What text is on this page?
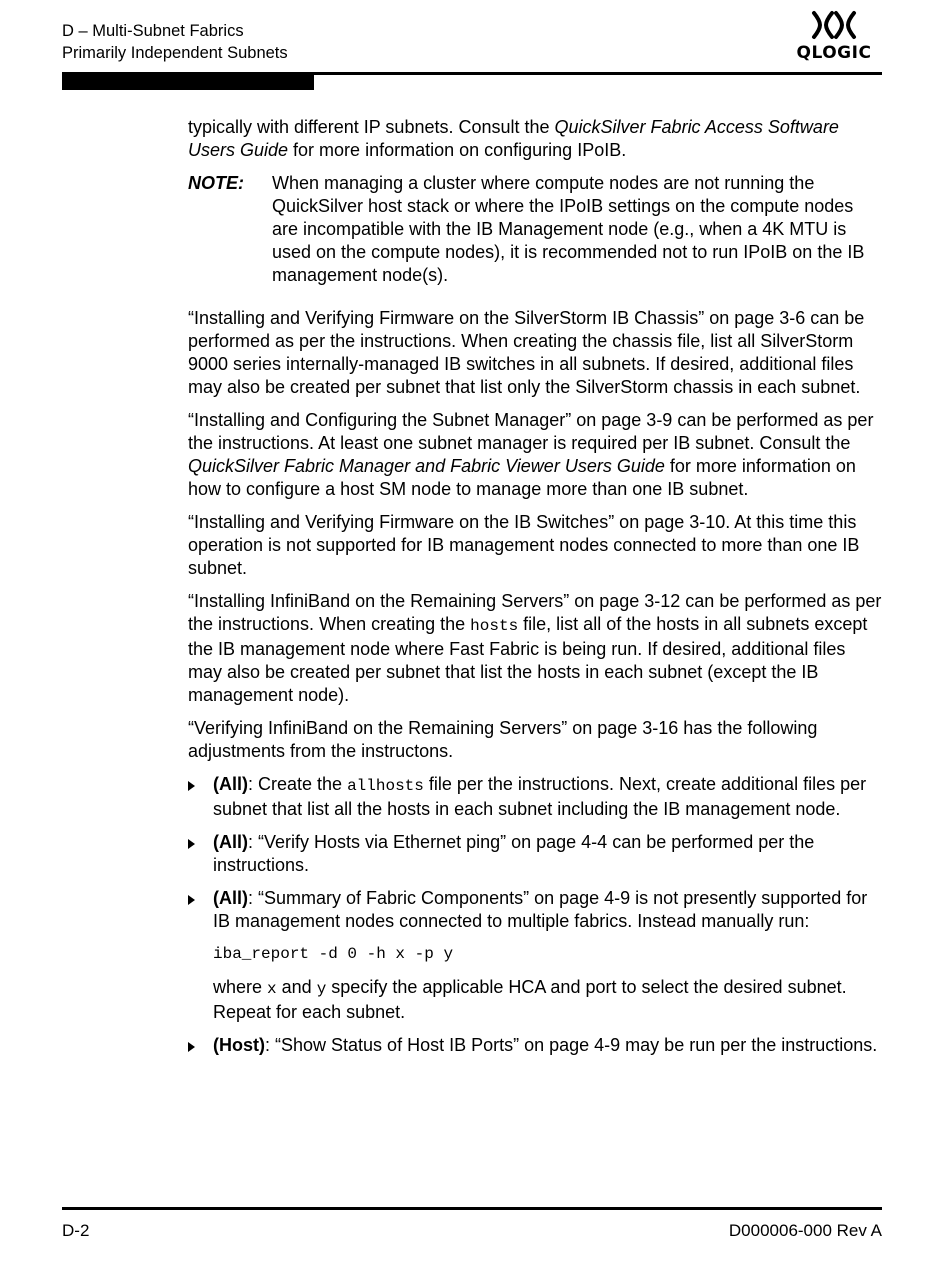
D – Multi-Subnet Fabrics
Primarily Independent Subnets	QLOGIC

typically with different IP subnets. Consult the QuickSilver Fabric Access Software Users Guide for more information on configuring IPoIB.

NOTE:	When managing a cluster where compute nodes are not running the QuickSilver host stack or where the IPoIB settings on the compute nodes are incompatible with the IB Management node (e.g., when a 4K MTU is used on the compute nodes), it is recommended not to run IPoIB on the IB management node(s).

“Installing and Verifying Firmware on the SilverStorm IB Chassis” on page 3-6 can be performed as per the instructions. When creating the chassis file, list all SilverStorm 9000 series internally-managed IB switches in all subnets. If desired, additional files may also be created per subnet that list only the SilverStorm chassis in each subnet.

“Installing and Configuring the Subnet Manager” on page 3-9 can be performed as per the instructions. At least one subnet manager is required per IB subnet. Consult the QuickSilver Fabric Manager and Fabric Viewer Users Guide for more information on how to configure a host SM node to manage more than one IB subnet.

“Installing and Verifying Firmware on the IB Switches” on page 3-10. At this time this operation is not supported for IB management nodes connected to more than one IB subnet.

“Installing InfiniBand on the Remaining Servers” on page 3-12 can be performed as per the instructions. When creating the hosts file, list all of the hosts in all subnets except the IB management node where Fast Fabric is being run. If desired, additional files may also be created per subnet that list the hosts in each subnet (except the IB management node).

“Verifying InfiniBand on the Remaining Servers” on page 3-16 has the following adjustments from the instructons.

(All): Create the allhosts file per the instructions. Next, create additional files per subnet that list all the hosts in each subnet including the IB management node.
(All): “Verify Hosts via Ethernet ping” on page 4-4 can be performed per the instructions.
(All): “Summary of Fabric Components” on page 4-9 is not presently supported for IB management nodes connected to multiple fabrics. Instead manually run:
iba_report -d 0 -h x -p y
where x and y specify the applicable HCA and port to select the desired subnet. Repeat for each subnet.
(Host): “Show Status of Host IB Ports” on page 4-9 may be run per the instructions.
D-2	D000006-000 Rev A
